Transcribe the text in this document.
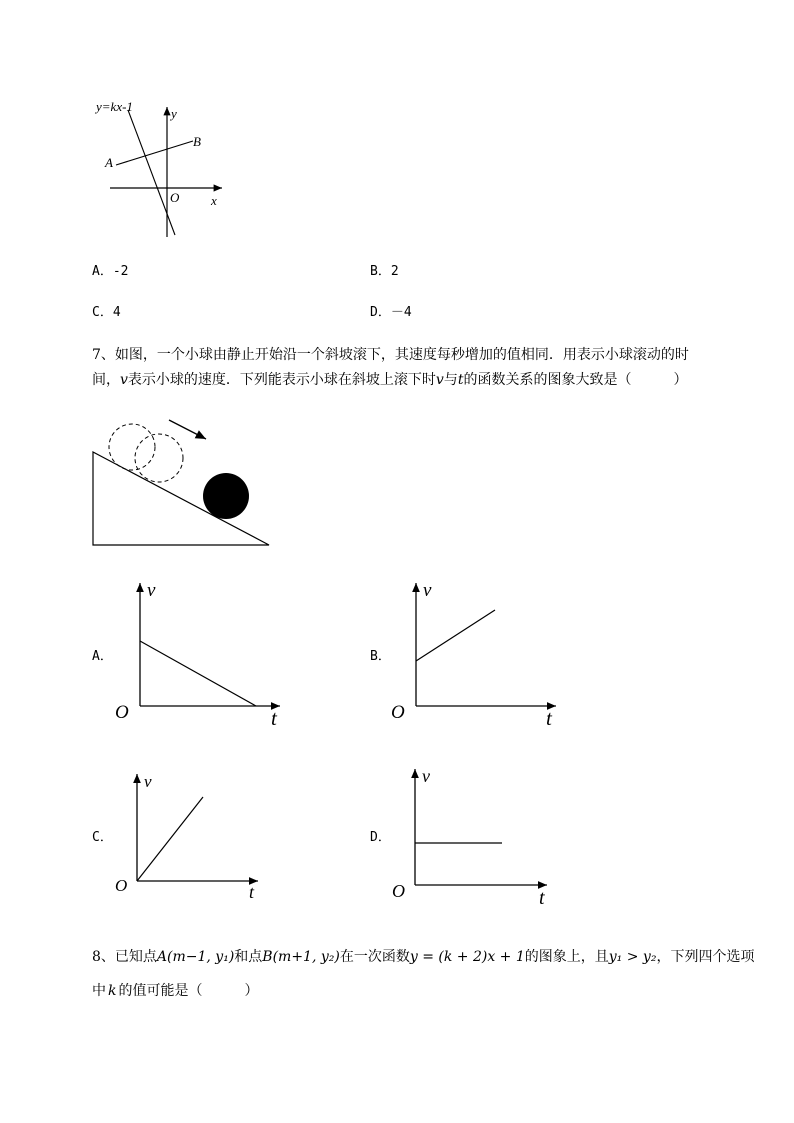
y=kx-1	y
x
O
A
B
A．-2	B．2
C．4	D．－4
7、如图，一个小球由静止开始沿一个斜坡滚下，其速度每秒增加的值相同．用表示小球滚动的时
间，v表示小球的速度．下列能表示小球在斜坡上滚下时v与t的函数关系的图象大致是（　　　）
A．
v
t
O
B．
v
t
O
C．
v
t
O
D．
v
t
O
8、已知点A(m−1, y₁)和点B(m+1, y₂)在一次函数y = (k + 2)x + 1的图象上，且y₁ > y₂，下列四个选项
中 k 的值可能是（　　　）
